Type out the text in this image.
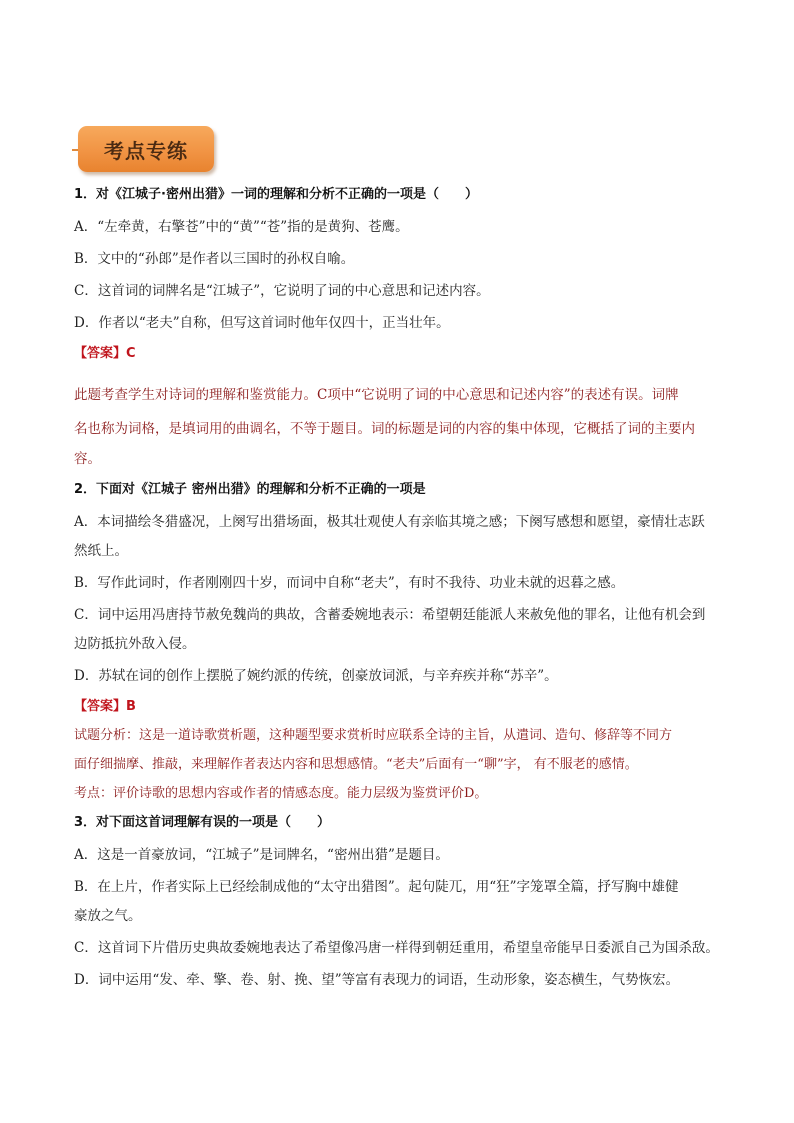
考点专练

1．对《江城子·密州出猎》一词的理解和分析不正确的一项是（　　）

A．“左牵黄，右擎苍”中的“黄”“苍”指的是黄狗、苍鹰。

B．文中的“孙郎”是作者以三国时的孙权自喻。

C．这首词的词牌名是“江城子”，它说明了词的中心意思和记述内容。

D．作者以“老夫”自称，但写这首词时他年仅四十，正当壮年。

【答案】C

此题考查学生对诗词的理解和鉴赏能力。C项中“它说明了词的中心意思和记述内容”的表述有误。词牌

名也称为词格，是填词用的曲调名，不等于题目。词的标题是词的内容的集中体现，它概括了词的主要内

容。

2．下面对《江城子 密州出猎》的理解和分析不正确的一项是

A．本词描绘冬猎盛况，上阕写出猎场面，极其壮观使人有亲临其境之感；下阕写感想和愿望，豪情壮志跃

然纸上。

B．写作此词时，作者刚刚四十岁，而词中自称“老夫”，有时不我待、功业未就的迟暮之感。

C．词中运用冯唐持节赦免魏尚的典故，含蓄委婉地表示：希望朝廷能派人来赦免他的罪名，让他有机会到

边防抵抗外敌入侵。

D．苏轼在词的创作上摆脱了婉约派的传统，创豪放词派，与辛弃疾并称“苏辛”。

【答案】B

试题分析：这是一道诗歌赏析题，这种题型要求赏析时应联系全诗的主旨，从遣词、造句、修辞等不同方

面仔细揣摩、推敲，来理解作者表达内容和思想感情。“老夫”后面有一“聊”字， 有不服老的感情。

考点：评价诗歌的思想内容或作者的情感态度。能力层级为鉴赏评价D。

3．对下面这首词理解有误的一项是（　　）

A．这是一首豪放词，“江城子”是词牌名，“密州出猎”是题目。

B．在上片，作者实际上已经绘制成他的“太守出猎图”。起句陡兀，用“狂”字笼罩全篇，抒写胸中雄健

豪放之气。

C．这首词下片借历史典故委婉地表达了希望像冯唐一样得到朝廷重用，希望皇帝能早日委派自己为国杀敌。

D．词中运用“发、牵、擎、卷、射、挽、望”等富有表现力的词语，生动形象，姿态横生，气势恢宏。
